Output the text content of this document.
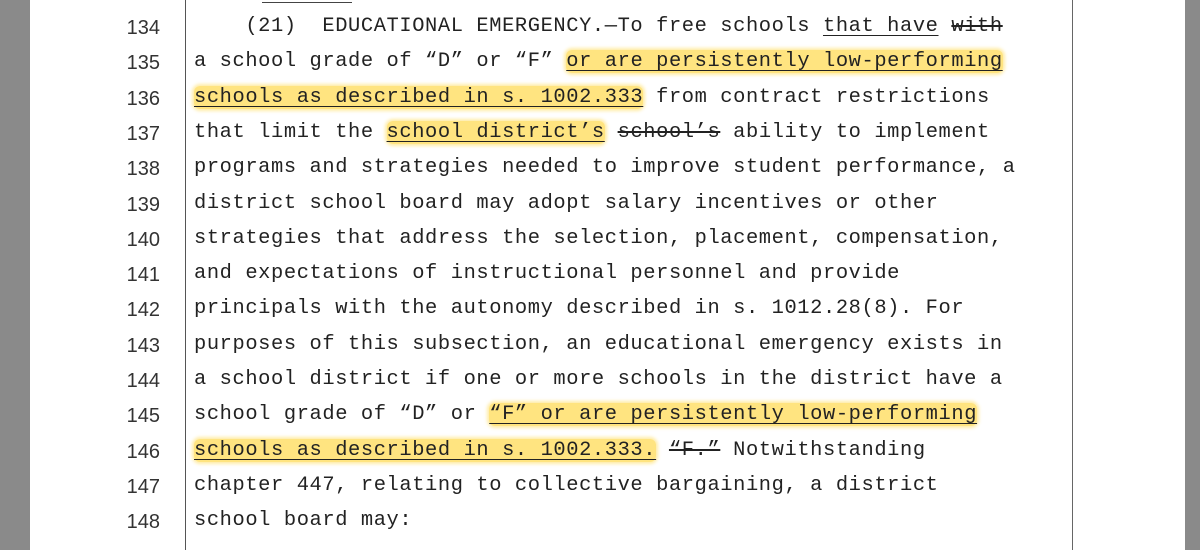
134 (21)  EDUCATIONAL EMERGENCY.—To free schools that have with
135 a school grade of “D” or “F” or are persistently low-performing
136 schools as described in s. 1002.333 from contract restrictions
137 that limit the school district’s school’s ability to implement
138 programs and strategies needed to improve student performance, a
139 district school board may adopt salary incentives or other
140 strategies that address the selection, placement, compensation,
141 and expectations of instructional personnel and provide
142 principals with the autonomy described in s. 1012.28(8). For
143 purposes of this subsection, an educational emergency exists in
144 a school district if one or more schools in the district have a
145 school grade of “D” or “F” or are persistently low-performing
146 schools as described in s. 1002.333. “F.” Notwithstanding
147 chapter 447, relating to collective bargaining, a district
148 school board may:
